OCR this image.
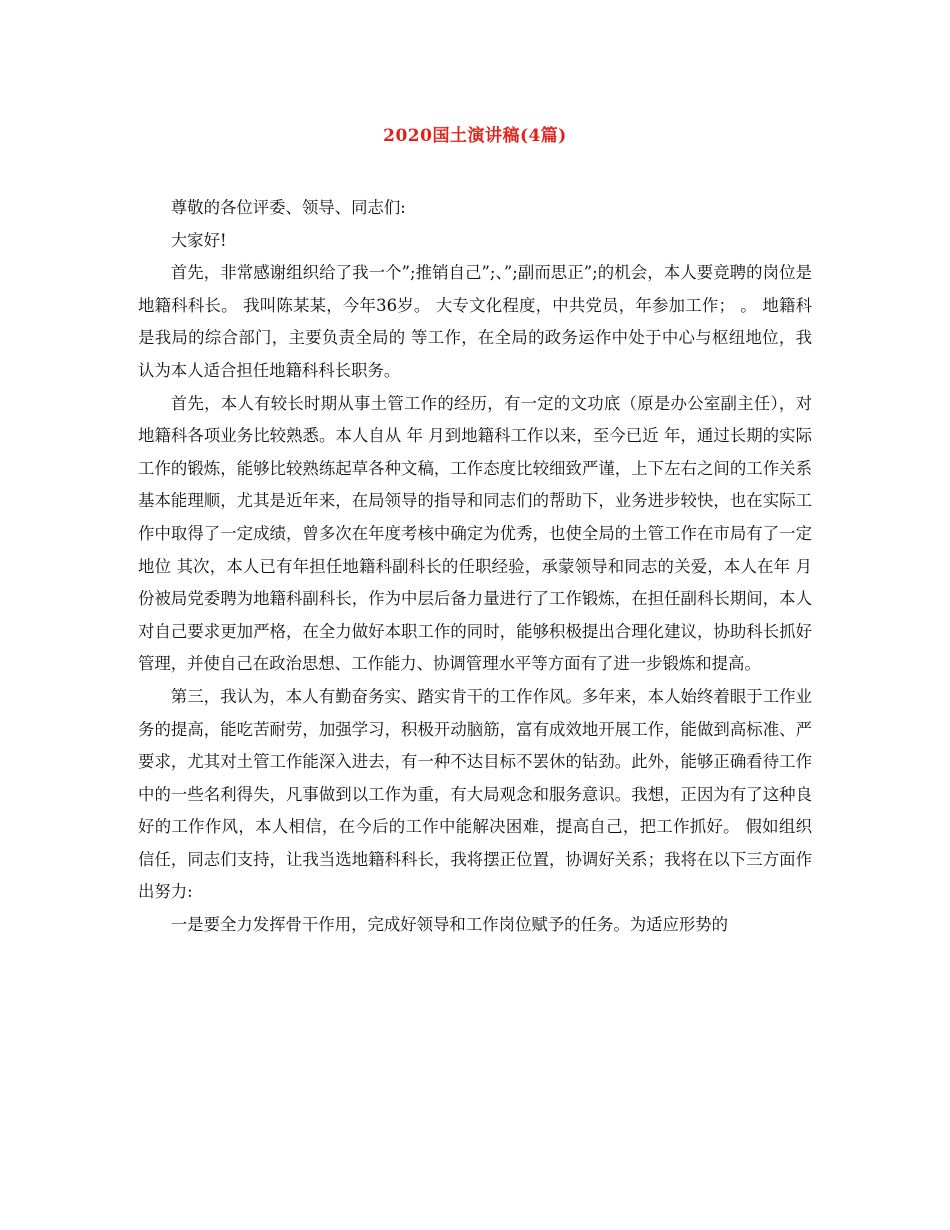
2020国土演讲稿(4篇)

尊敬的各位评委、领导、同志们:

大家好!

首先，非常感谢组织给了我一个”;推销自己”;、”;副而思正”;的机会，本人要竞聘的岗位是地籍科科长。 我叫陈某某，今年36岁。 大专文化程度，中共党员，年参加工作； 。 地籍科是我局的综合部门，主要负责全局的 等工作，在全局的政务运作中处于中心与枢纽地位，我认为本人适合担任地籍科科长职务。

首先，本人有较长时期从事土管工作的经历，有一定的文功底（原是办公室副主任），对地籍科各项业务比较熟悉。本人自从 年 月到地籍科工作以来，至今已近 年，通过长期的实际工作的锻炼，能够比较熟练起草各种文稿，工作态度比较细致严谨，上下左右之间的工作关系基本能理顺，尤其是近年来，在局领导的指导和同志们的帮助下，业务进步较快，也在实际工作中取得了一定成绩，曾多次在年度考核中确定为优秀，也使全局的土管工作在市局有了一定地位 其次，本人已有年担任地籍科副科长的任职经验，承蒙领导和同志的关爱，本人在年 月份被局党委聘为地籍科副科长，作为中层后备力量进行了工作锻炼，在担任副科长期间，本人对自己要求更加严格，在全力做好本职工作的同时，能够积极提出合理化建议，协助科长抓好管理，并使自己在政治思想、工作能力、协调管理水平等方面有了进一步锻炼和提高。

第三，我认为，本人有勤奋务实、踏实肯干的工作作风。多年来，本人始终着眼于工作业务的提高，能吃苦耐劳，加强学习，积极开动脑筋，富有成效地开展工作，能做到高标准、严要求，尤其对土管工作能深入进去，有一种不达目标不罢休的钻劲。此外，能够正确看待工作中的一些名利得失，凡事做到以工作为重，有大局观念和服务意识。我想，正因为有了这种良好的工作作风，本人相信，在今后的工作中能解决困难，提高自己，把工作抓好。 假如组织信任，同志们支持，让我当选地籍科科长，我将摆正位置，协调好关系；我将在以下三方面作出努力:

一是要全力发挥骨干作用，完成好领导和工作岗位赋予的任务。为适应形势的
